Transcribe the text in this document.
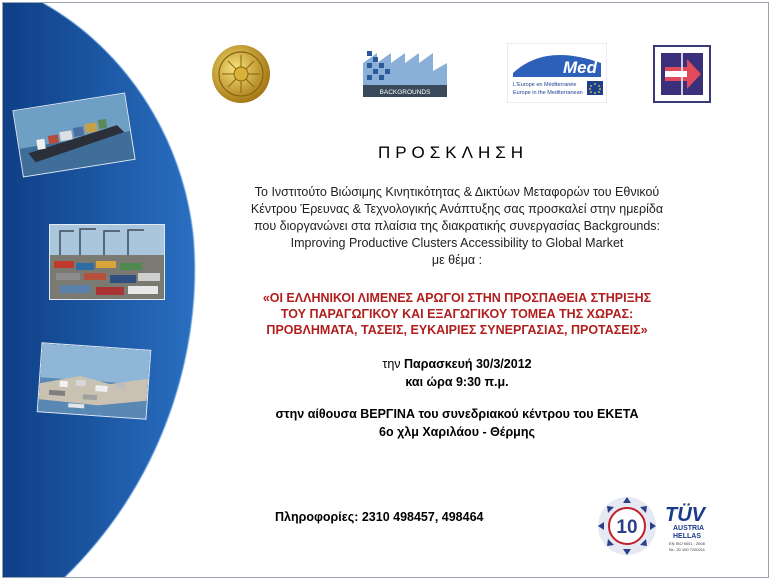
BACKGROUNDS
Med
L'Europe en Méditerranée
Europe in the Mediterranean
ΠΡΟΣΚΛΗΣΗ
Το Ινστιτούτο Βιώσιμης Κινητικότητας & Δικτύων Μεταφορών του Εθνικού
Κέντρου Έρευνας & Τεχνολογικής Ανάπτυξης σας προσκαλεί στην ημερίδα
που διοργανώνει στα πλαίσια της διακρατικής συνεργασίας Backgrounds:
Improving Productive Clusters Accessibility to Global Market
με θέμα :
«ΟΙ ΕΛΛΗΝΙΚΟΙ ΛΙΜΕΝΕΣ ΑΡΩΓΟΙ ΣΤΗΝ ΠΡΟΣΠΑΘΕΙΑ ΣΤΗΡΙΞΗΣ
ΤΟΥ ΠΑΡΑΓΩΓΙΚΟΥ ΚΑΙ ΕΞΑΓΩΓΙΚΟΥ ΤΟΜΕΑ ΤΗΣ ΧΩΡΑΣ:
ΠΡΟΒΛΗΜΑΤΑ, ΤΑΣΕΙΣ, ΕΥΚΑΙΡΙΕΣ ΣΥΝΕΡΓΑΣΙΑΣ, ΠΡΟΤΑΣΕΙΣ»
την Παρασκευή 30/3/2012
και ώρα 9:30 π.μ.
στην αίθουσα ΒΕΡΓΙΝΑ του συνεδριακού κέντρου του ΕΚΕΤΑ
6ο χλμ Χαριλάου - Θέρμης
Πληροφορίες: 2310 498457, 498464	10
TÜV
AUSTRIA
HELLAS
EN ISO 9001 : 2008
Nr.: 20 100 7200211
